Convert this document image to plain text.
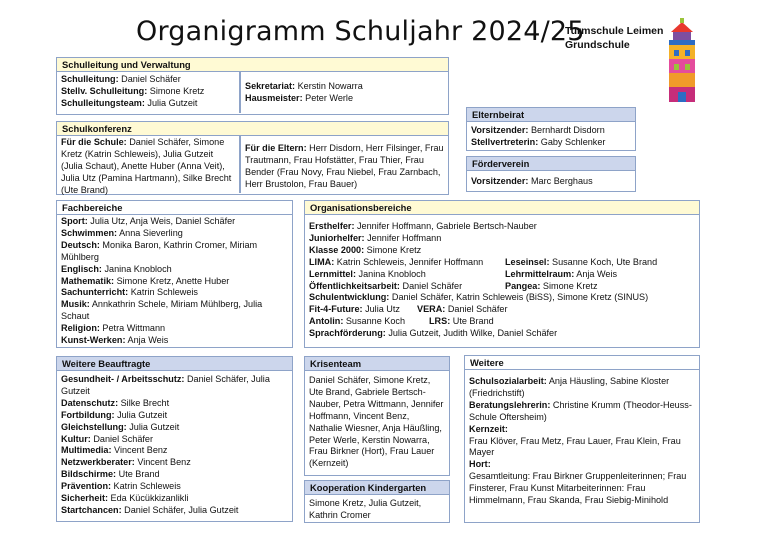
Organigramm Schuljahr 2024/25
Turmschule Leimen
Grundschule
Schulleitung und Verwaltung
Schulleitung: Daniel Schäfer
Stellv. Schulleitung: Simone Kretz
Schulleitungsteam: Julia Gutzeit
Sekretariat: Kerstin Nowarra
Hausmeister: Peter Werle
Schulkonferenz
Für die Schule: Daniel Schäfer, Simone Kretz (Katrin Schleweis), Julia Gutzeit (Julia Schaut), Anette Huber (Anna Veit), Julia Utz (Pamina Hartmann), Silke Brecht (Ute Brand)
Für die Eltern: Herr Disdorn, Herr Filsinger, Frau Trautmann, Frau Hofstätter, Frau Thier, Frau Bender (Frau Novy, Frau Niebel, Frau Zarnbach, Herr Brustolon, Frau Bauer)
Elternbeirat
Vorsitzender: Bernhardt Disdorn
Stellvertreterin: Gaby Schlenker
Förderverein
Vorsitzender: Marc Berghaus
Fachbereiche
Sport: Julia Utz, Anja Weis, Daniel Schäfer
Schwimmen: Anna Sieverling
Deutsch: Monika Baron, Kathrin Cromer, Miriam Mühlberg
Englisch: Janina Knobloch
Mathematik: Simone Kretz, Anette Huber
Sachunterricht: Katrin Schleweis
Musik: Annkathrin Schele, Miriam Mühlberg, Julia Schaut
Religion: Petra Wittmann
Kunst-Werken: Anja Weis
Organisationsbereiche
Ersthelfer: Jennifer Hoffmann, Gabriele Bertsch-Nauber
Juniorhelfer: Jennifer Hoffmann
Klasse 2000: Simone Kretz
LIMA: Katrin Schleweis, Jennifer Hoffmann Leseinsel: Susanne Koch, Ute Brand
Lernmittel: Janina Knobloch	Lehrmittelraum: Anja Weis
Öffentlichkeitsarbeit: Daniel Schäfer	Pangea: Simone Kretz
Schulentwicklung: Daniel Schäfer, Katrin Schleweis (BiSS), Simone Kretz (SINUS)
Fit-4-Future: Julia Utz VERA: Daniel Schäfer
Antolin: Susanne Koch	LRS: Ute Brand
Sprachförderung: Julia Gutzeit, Judith Wilke, Daniel Schäfer
Weitere Beauftragte
Gesundheit- / Arbeitsschutz: Daniel Schäfer, Julia Gutzeit
Datenschutz: Silke Brecht
Fortbildung: Julia Gutzeit
Gleichstellung: Julia Gutzeit
Kultur: Daniel Schäfer
Multimedia: Vincent Benz
Netzwerkberater: Vincent Benz
Bildschirme: Ute Brand
Prävention: Katrin Schleweis
Sicherheit: Eda Kücükkizanlikli
Startchancen: Daniel Schäfer, Julia Gutzeit
Krisenteam
Daniel Schäfer, Simone Kretz, Ute Brand, Gabriele Bertsch-Nauber, Petra Wittmann, Jennifer Hoffmann, Vincent Benz, Nathalie Wiesner, Anja Häußling, Peter Werle, Kerstin Nowarra, Frau Birkner (Hort), Frau Lauer (Kernzeit)
Kooperation Kindergarten
Simone Kretz, Julia Gutzeit, Kathrin Cromer
Weitere
Schulsozialarbeit: Anja Häusling, Sabine Kloster (Friedrichstift)
Beratungslehrerin: Christine Krumm (Theodor-Heuss-Schule Oftersheim)
Kernzeit:
Frau Klöver, Frau Metz, Frau Lauer, Frau Klein, Frau Mayer
Hort:
Gesamtleitung: Frau Birkner Gruppenleiterinnen; Frau Finsterer, Frau Kunst Mitarbeiterinnen: Frau Himmelmann, Frau Skanda, Frau Siebig-Minihold
